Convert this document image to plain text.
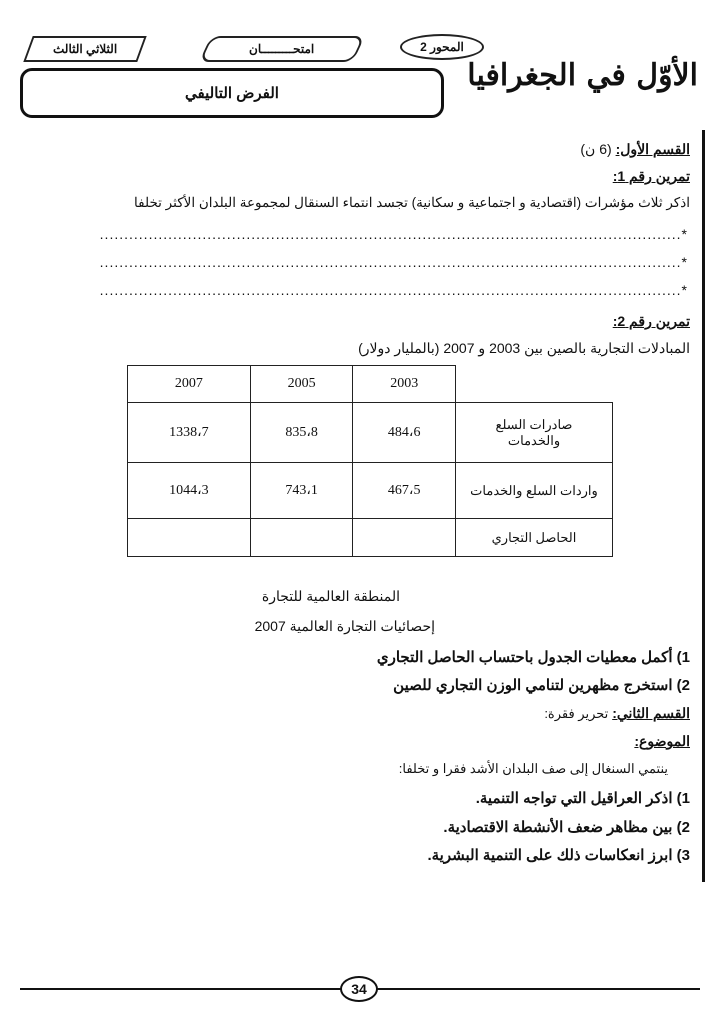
الثلاثي الثالث	امتحـــــــــان	المحور 2
الأوّل في الجغرافيا
الفرض التاليفي
القسم الأول: (6 ن)
تمرين رقم 1:
اذكر ثلاث مؤشرات (اقتصادية و اجتماعية و سكانية) تجسد انتماء السنقال لمجموعة البلدان الأكثر تخلفا
*.......................................................................................................................
*.......................................................................................................................
*.......................................................................................................................
تمرين رقم 2:
المبادلات التجارية بالصين بين 2003 و 2007 (بالمليار دولار)
2007	2005	2003	
1338،7	835،8	484،6	صادرات السلع والخدمات
1044،3	743،1	467،5	واردات السلع والخدمات
			الحاصل التجاري
المنطقة العالمية للتجارة
إحصائيات التجارة العالمية 2007
1) أكمل معطيات الجدول باحتساب الحاصل التجاري
2) استخرج مظهرين لتنامي الوزن التجاري للصين
القسم الثاني: تحرير فقرة:
الموضوع:
ينتمي السنغال إلى صف البلدان الأشد فقرا و تخلفا:
1) اذكر العراقيل التي تواجه التنمية.
2) بين مظاهر ضعف الأنشطة الاقتصادية.
3) ابرز انعكاسات ذلك على التنمية البشرية.
34
